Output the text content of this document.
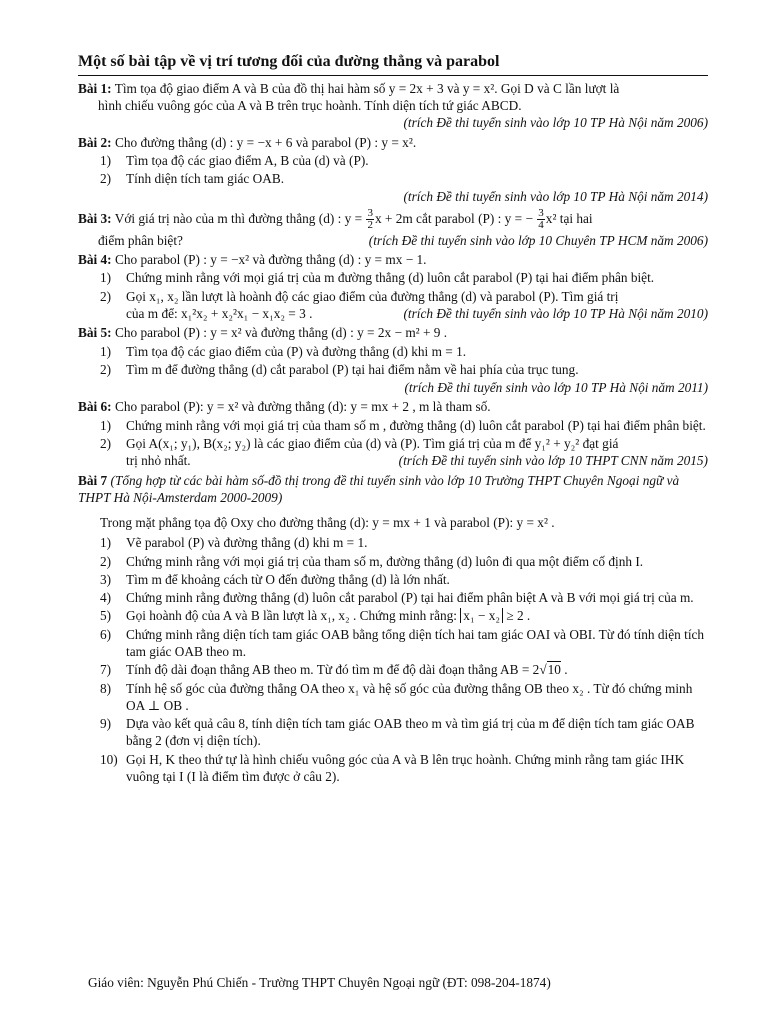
Một số bài tập về vị trí tương đối của đường thẳng và parabol
Bài 1: Tìm tọa độ giao điểm A và B của đồ thị hai hàm số y = 2x + 3 và y = x². Gọi D và C lần lượt là
hình chiếu vuông góc của A và B trên trục hoành. Tính diện tích tứ giác ABCD.
(trích Đề thi tuyển sinh vào lớp 10 TP Hà Nội năm 2006)
Bài 2: Cho đường thẳng (d) : y = −x + 6 và parabol (P) : y = x².
1)	Tìm tọa độ các giao điểm A, B của (d) và (P).
2)	Tính diện tích tam giác OAB.
(trích Đề thi tuyển sinh vào lớp 10 TP Hà Nội năm 2014)
Bài 3: Với giá trị nào của m thì đường thẳng (d) : $y = \frac{3}{2}$ x + 2m cắt parabol (P) : y = − $\frac{3}{4} x^2$ tại hai
điểm phân biệt?	(trích Đề thi tuyển sinh vào lớp 10 Chuyên TP HCM năm 2006)
Bài 4: Cho parabol (P) : y = −x² và đường thẳng (d) : y = mx − 1.
1)	Chứng minh rằng với mọi giá trị của m đường thẳng (d) luôn cắt parabol (P) tại hai điểm phân biệt.
2)	Gọi x₁, x₂ lần lượt là hoành độ các giao điểm của đường thẳng (d) và parabol (P). Tìm giá trị

của m để: x₁²x₂ + x₂²x₁ − x₁x₂ = 3 .	(trích Đề thi tuyển sinh vào lớp 10 TP Hà Nội năm 2010)
Bài 5: Cho parabol (P) : y = x² và đường thẳng (d) : y = 2x − m² + 9 .
1)	Tìm tọa độ các giao điểm của (P) và đường thẳng (d) khi m = 1.
2)	Tìm m để đường thẳng (d) cắt parabol (P) tại hai điểm nằm về hai phía của trục tung.
(trích Đề thi tuyển sinh vào lớp 10 TP Hà Nội năm 2011)
Bài 6: Cho parabol (P): y = x² và đường thẳng (d): y = mx + 2 , m là tham số.
1)	Chứng minh rằng với mọi giá trị của tham số m , đường thẳng (d) luôn cắt parabol (P) tại hai điểm phân biệt.
2)	Gọi A(x₁; y₁), B(x₂; y₂) là các giao điểm của (d) và (P). Tìm giá trị của m để y₁² + y₂² đạt giá

trị nhỏ nhất.	(trích Đề thi tuyển sinh vào lớp 10 THPT CNN năm 2015)
Bài 7 (Tổng hợp từ các bài hàm số-đồ thị trong đề thi tuyển sinh vào lớp 10 Trường THPT Chuyên Ngoại ngữ và THPT Hà Nội-Amsterdam 2000-2009)
Trong mặt phẳng tọa độ Oxy cho đường thẳng (d): y = mx + 1 và parabol (P): y = x² .
1)	Vẽ parabol (P) và đường thẳng (d) khi m = 1.
2)	Chứng minh rằng với mọi giá trị của tham số m, đường thẳng (d) luôn đi qua một điểm cố định I.
3)	Tìm m để khoảng cách từ O đến đường thẳng (d) là lớn nhất.
4)	Chứng minh rằng đường thẳng (d) luôn cắt parabol (P) tại hai điểm phân biệt A và B với mọi giá trị của m.
5)	Gọi hoành độ của A và B lần lượt là x₁, x₂ . Chứng minh rằng: x₁ − x₂ ≥ 2 .
6)	Chứng minh rằng diện tích tam giác OAB bằng tổng diện tích hai tam giác OAI và OBI. Từ đó tính diện tích tam giác OAB theo m.
7)	Tính độ dài đoạn thẳng AB theo m. Từ đó tìm m để độ dài đoạn thẳng AB = 2√10 .
8)	Tính hệ số góc của đường thẳng OA theo x₁ và hệ số góc của đường thẳng OB theo x₂ . Từ đó chứng minh OA ⊥ OB .
9)	Dựa vào kết quả câu 8, tính diện tích tam giác OAB theo m và tìm giá trị của m để diện tích tam giác OAB bằng 2 (đơn vị diện tích).
10) Gọi H, K theo thứ tự là hình chiếu vuông góc của A và B lên trục hoành. Chứng minh rằng tam giác IHK vuông tại I (I là điểm tìm được ở câu 2).
Giáo viên: Nguyễn Phú Chiến - Trường THPT Chuyên Ngoại ngữ (ĐT: 098-204-1874)
